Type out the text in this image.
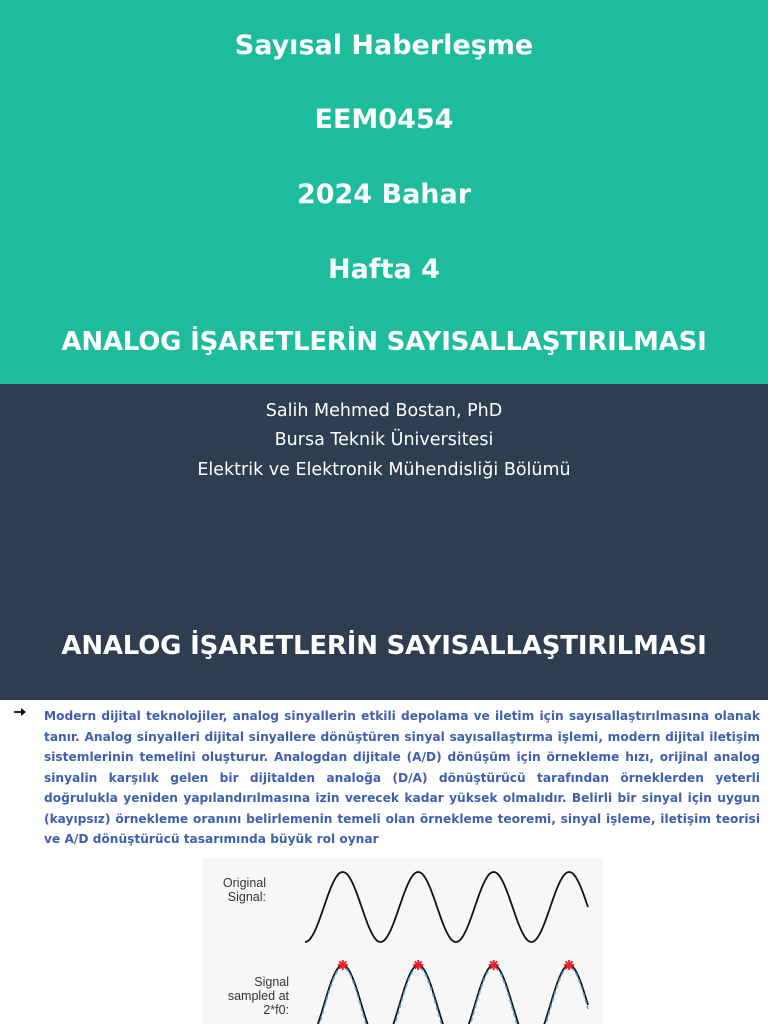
Sayısal Haberleşme
EEM0454
2024 Bahar
Hafta 4
ANALOG İŞARETLERİN SAYISALLAŞTIRILMASI
Salih Mehmed Bostan, PhD
Bursa Teknik Üniversitesi
Elektrik ve Elektronik Mühendisliği Bölümü
ANALOG İŞARETLERİN SAYISALLAŞTIRILMASI

Modern dijital teknolojiler, analog sinyallerin etkili depolama ve iletim için sayısallaştırılmasına olanak tanır. Analog sinyalleri dijital sinyallere dönüştüren sinyal sayısallaştırma işlemi, modern dijital iletişim sistemlerinin temelini oluşturur. Analogdan dijitale (A/D) dönüşüm için örnekleme hızı, orijinal analog sinyalin karşılık gelen bir dijitalden analoğa (D/A) dönüştürücü tarafından örneklerden yeterli doğrulukla yeniden yapılandırılmasına izin verecek kadar yüksek olmalıdır. Belirli bir sinyal için uygun (kayıpsız) örnekleme oranını belirlemenin temeli olan örnekleme teoremi, sinyal işleme, iletişim teorisi ve A/D dönüştürücü tasarımında büyük rol oynar

Original
Signal:
Signal
sampled at 2*f0:
